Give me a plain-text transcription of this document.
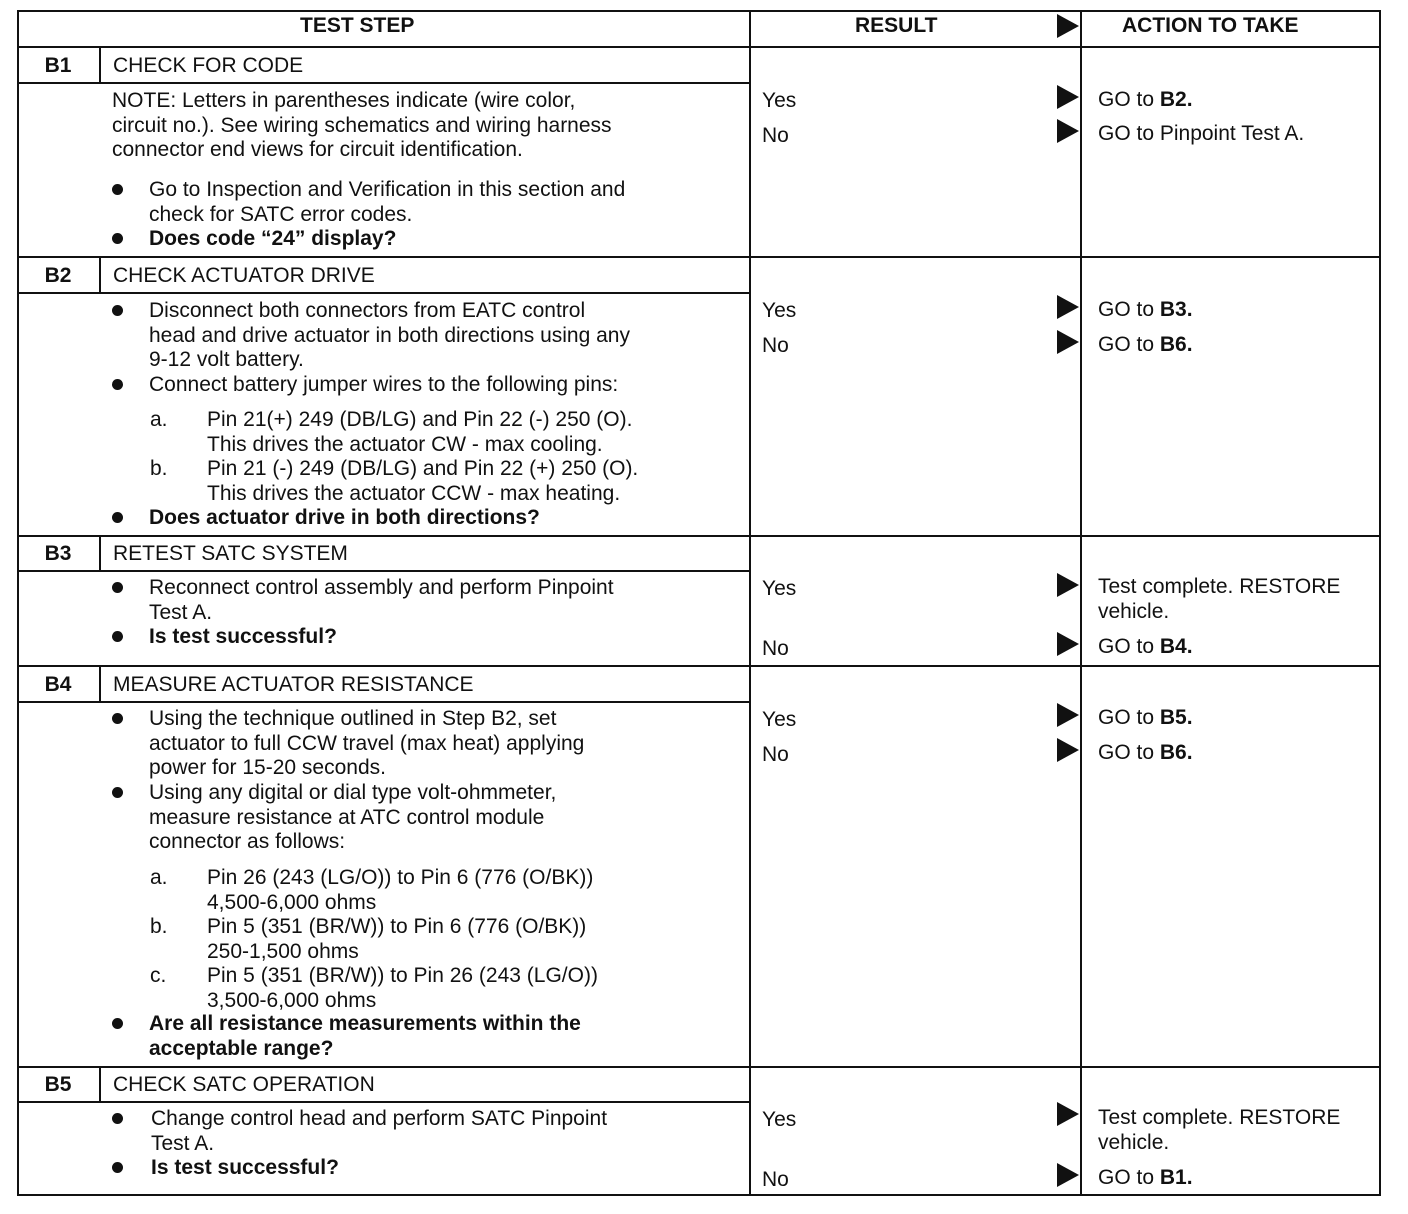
TEST STEP	RESULT	ACTION TO TAKE
B1	CHECK FOR CODE
NOTE: Letters in parentheses indicate (wire color,
circuit no.). See wiring schematics and wiring harness
connector end views for circuit identification.
Go to Inspection and Verification in this section and
check for SATC error codes.
Does code “24” display?
Yes	GO to B2.
No	GO to Pinpoint Test A.
B2	CHECK ACTUATOR DRIVE
Disconnect both connectors from EATC control
head and drive actuator in both directions using any
9-12 volt battery.
Connect battery jumper wires to the following pins:
a. Pin 21(+) 249 (DB/LG) and Pin 22 (-) 250 (O).
This drives the actuator CW - max cooling.
b. Pin 21 (-) 249 (DB/LG) and Pin 22 (+) 250 (O).
This drives the actuator CCW - max heating.
Does actuator drive in both directions?
Yes	GO to B3.
No	GO to B6.
B3	RETEST SATC SYSTEM
Reconnect control assembly and perform Pinpoint
Test A.
Is test successful?
Yes	Test complete. RESTORE
vehicle.
No	GO to B4.
B4	MEASURE ACTUATOR RESISTANCE
Using the technique outlined in Step B2, set
actuator to full CCW travel (max heat) applying
power for 15-20 seconds.
Using any digital or dial type volt-ohmmeter,
measure resistance at ATC control module
connector as follows:
a. Pin 26 (243 (LG/O)) to Pin 6 (776 (O/BK))
4,500-6,000 ohms
b. Pin 5 (351 (BR/W)) to Pin 6 (776 (O/BK))
250-1,500 ohms
c. Pin 5 (351 (BR/W)) to Pin 26 (243 (LG/O))
3,500-6,000 ohms
Are all resistance measurements within the
acceptable range?
Yes	GO to B5.
No	GO to B6.
B5	CHECK SATC OPERATION
Change control head and perform SATC Pinpoint
Test A.
Is test successful?
Yes	Test complete. RESTORE
vehicle.
No	GO to B1.
